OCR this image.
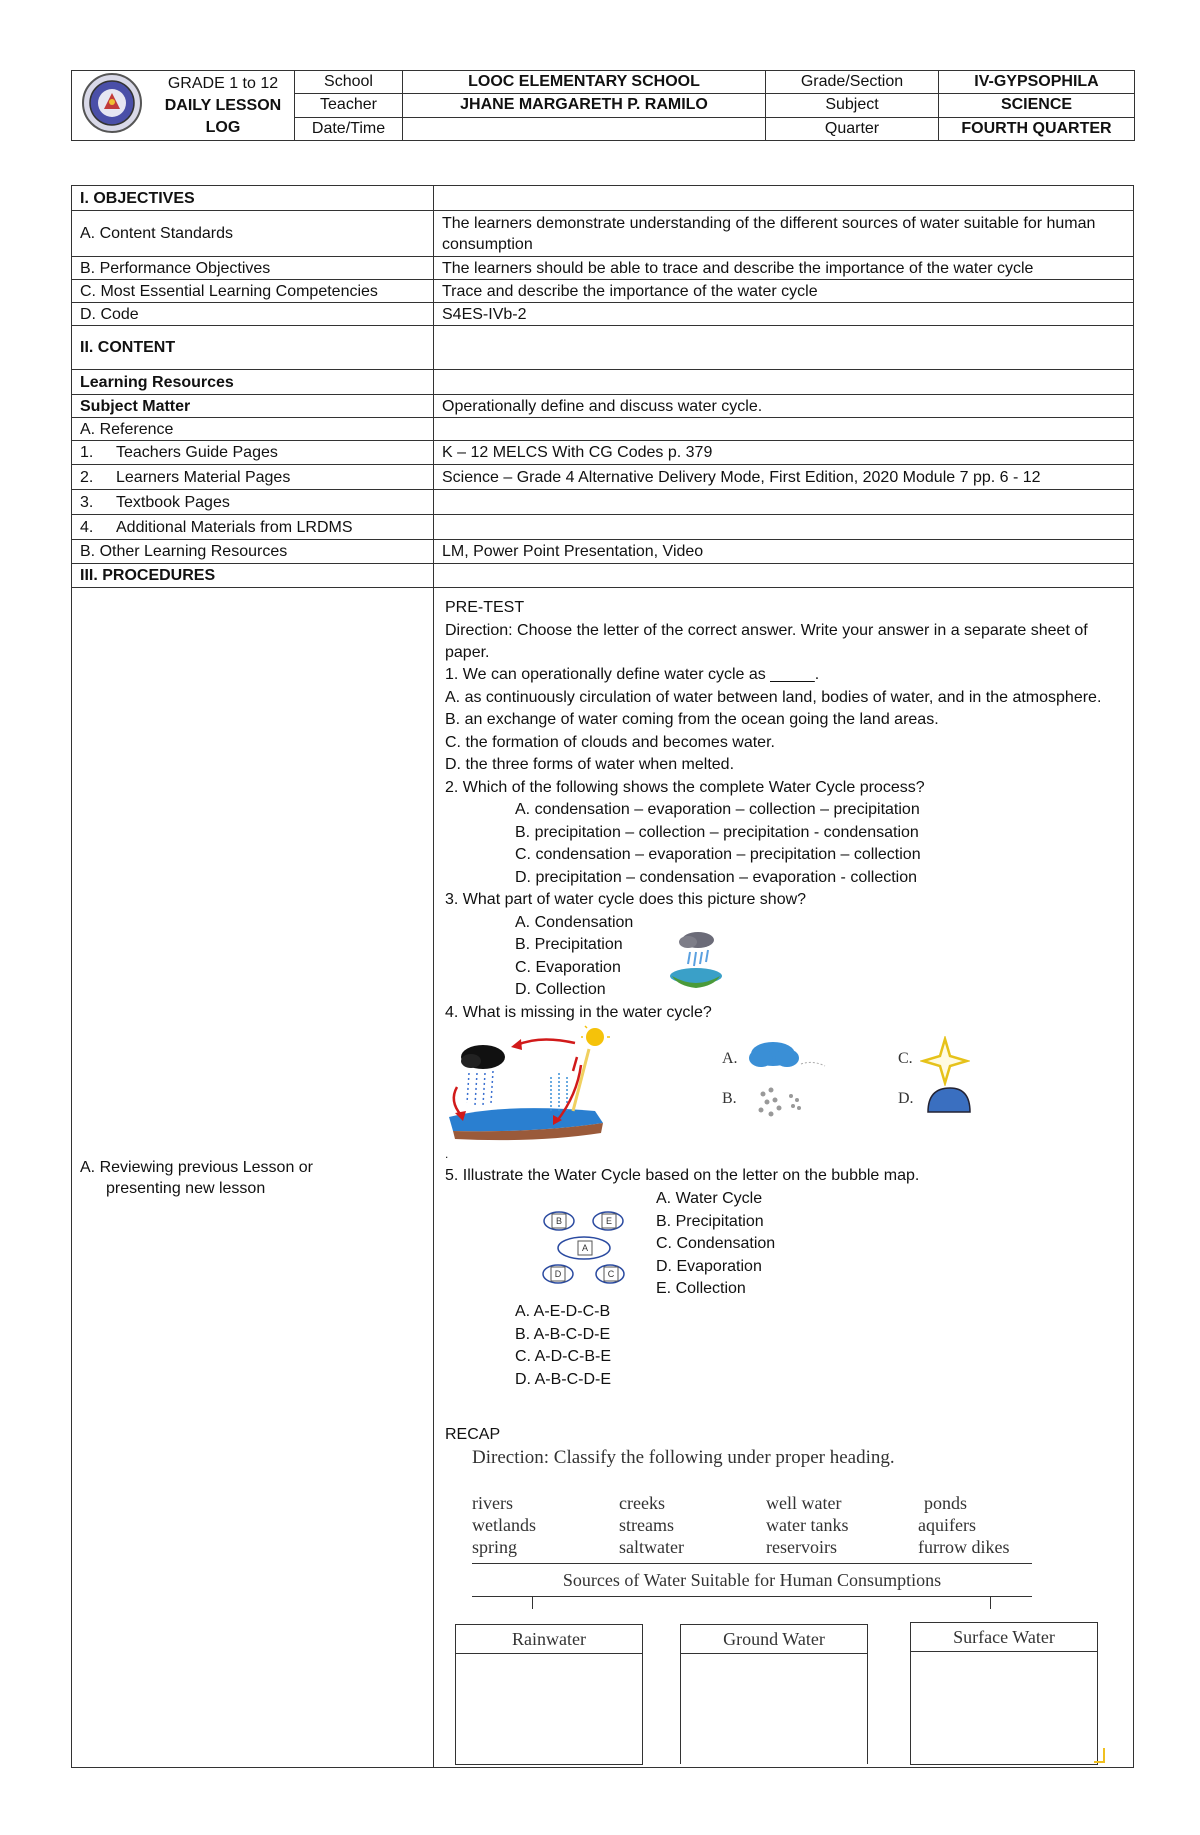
GRADE 1 to 12
DAILY LESSON
LOG	School	LOOC ELEMENTARY SCHOOL	Grade/Section	IV-GYPSOPHILA
		Teacher	JHANE MARGARETH P. RAMILO	Subject	SCIENCE
		Date/Time		Quarter	FOURTH QUARTER
I. OBJECTIVES	
A. Content Standards	The learners demonstrate understanding of the different sources of water suitable for human consumption
B. Performance Objectives	The learners should be able to trace and describe the importance of the water cycle
C. Most Essential Learning Competencies	Trace and describe the importance of the water cycle
D. Code	S4ES-IVb-2
II. CONTENT	
Learning Resources	
Subject Matter	Operationally define and discuss water cycle.
A. Reference	
1. Teachers Guide Pages	K – 12 MELCS With CG Codes p. 379
2. Learners Material Pages	Science – Grade 4 Alternative Delivery Mode, First Edition, 2020 Module 7 pp. 6 - 12
3. Textbook Pages	
4. Additional Materials from LRDMS	
B. Other Learning Resources	LM, Power Point Presentation, Video
III. PROCEDURES	

A. Reviewing previous Lesson or
presenting new lesson	

PRE-TEST
Direction: Choose the letter of the correct answer. Write your answer in a separate sheet of
paper.
1. We can operationally define water cycle as _____.
A. as continuously circulation of water between land, bodies of water, and in the atmosphere.
B. an exchange of water coming from the ocean going the land areas.
C. the formation of clouds and becomes water.
D. the three forms of water when melted.
2. Which of the following shows the complete Water Cycle process?
A. condensation – evaporation – collection – precipitation
B. precipitation – collection – precipitation - condensation
C. condensation – evaporation – precipitation – collection
D. precipitation – condensation – evaporation - collection
3. What part of water cycle does this picture show?
A. Condensation
B. Precipitation
C. Evaporation
D. Collection
4. What is missing in the water cycle?
A.
B.
C.
D.
.
5. Illustrate the Water Cycle based on the letter on the bubble map.
B	E
A
D	C
A. Water Cycle
B. Precipitation
C. Condensation
D. Evaporation
E. Collection
A. A-E-D-C-B
B. A-B-C-D-E
C. A-D-C-B-E
D. A-B-C-D-E
RECAP
Direction: Classify the following under proper heading.
rivers	creeks	well water	ponds
wetlands	streams	water tanks	aquifers
spring	saltwater	reservoirs	furrow dikes
Sources of Water Suitable for Human Consumptions
Rainwater	Ground Water	Surface Water
